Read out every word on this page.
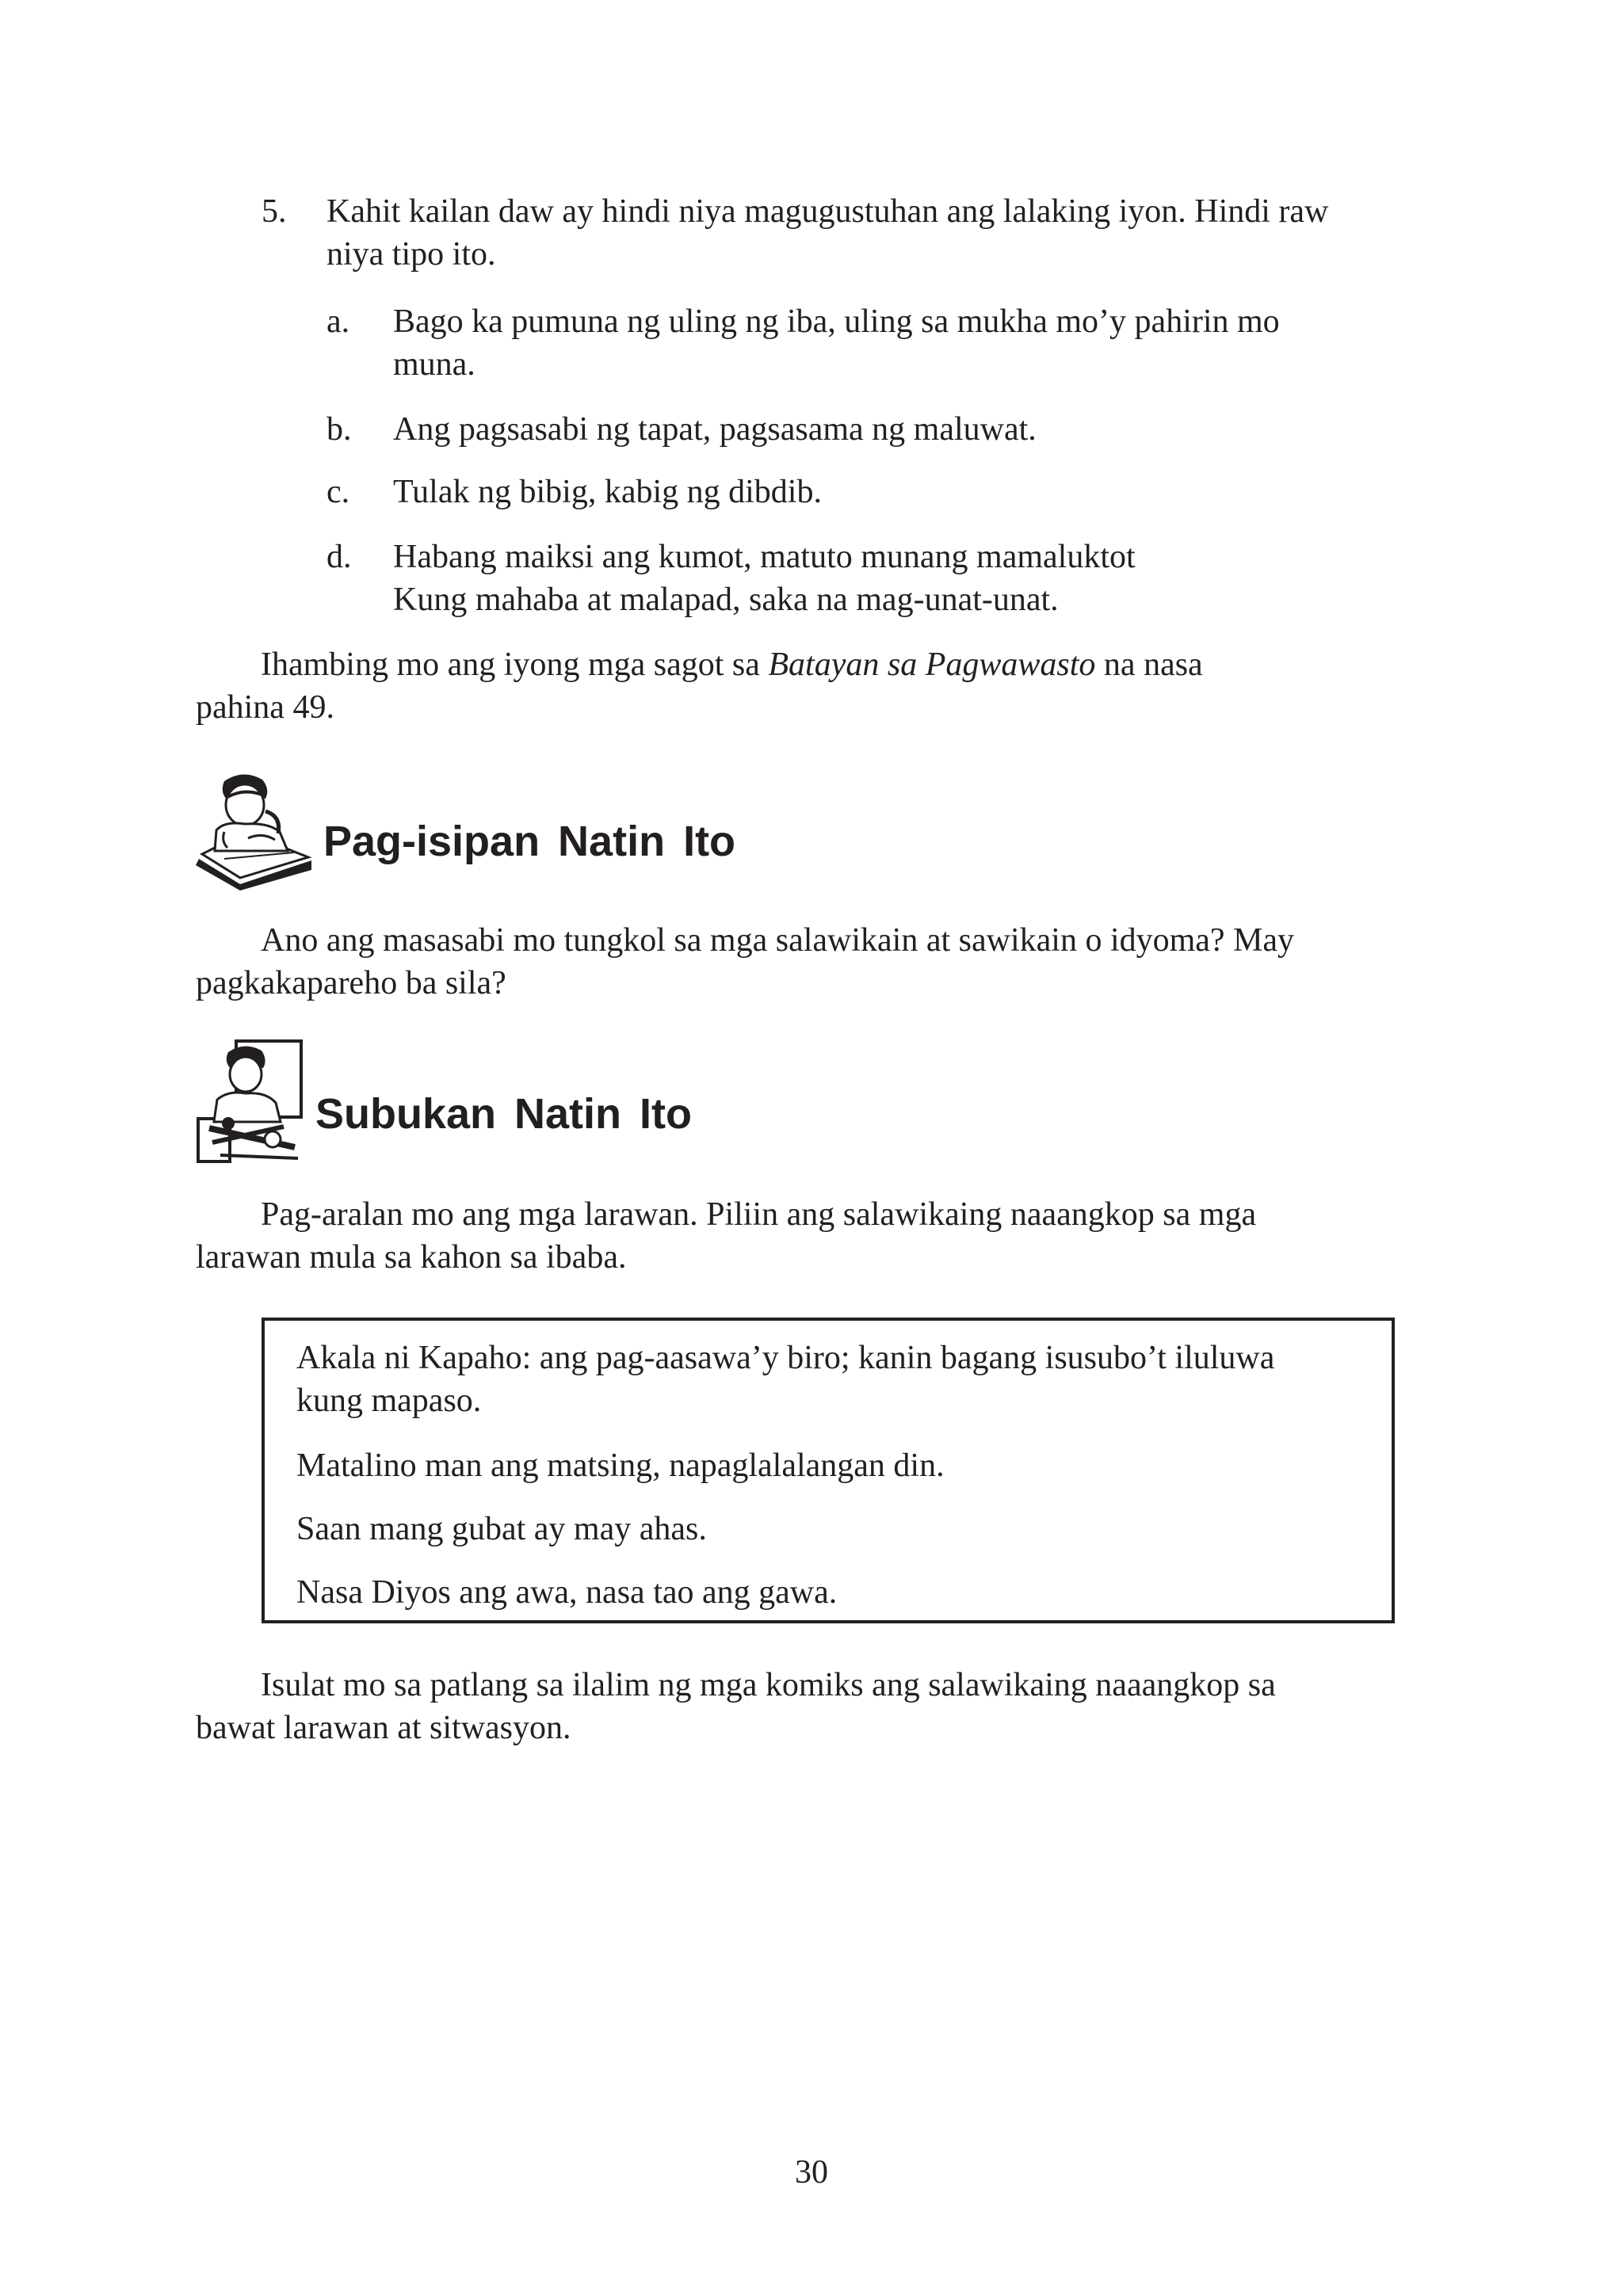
5. Kahit kailan daw ay hindi niya magugustuhan ang lalaking iyon. Hindi raw
niya tipo ito.
a. Bago ka pumuna ng uling ng iba, uling sa mukha mo’y pahirin mo
muna.
b. Ang pagsasabi ng tapat, pagsasama ng maluwat.
c. Tulak ng bibig, kabig ng dibdib.
d. Habang maiksi ang kumot, matuto munang mamaluktot
Kung mahaba at malapad, saka na mag-unat-unat.
Ihambing mo ang iyong mga sagot sa Batayan sa Pagwawasto na nasa
pahina 49.
Pag-isipan Natin Ito
Ano ang masasabi mo tungkol sa mga salawikain at sawikain o idyoma? May
pagkakapareho ba sila?
Subukan Natin Ito
Pag-aralan mo ang mga larawan. Piliin ang salawikaing naaangkop sa mga
larawan mula sa kahon sa ibaba.

Akala ni Kapaho: ang pag-aasawa’y biro; kanin bagang isusubo’t iluluwa
kung mapaso.

Matalino man ang matsing, napaglalalangan din.

Saan mang gubat ay may ahas.

Nasa Diyos ang awa, nasa tao ang gawa.

Isulat mo sa patlang sa ilalim ng mga komiks ang salawikaing naaangkop sa
bawat larawan at sitwasyon.
30
